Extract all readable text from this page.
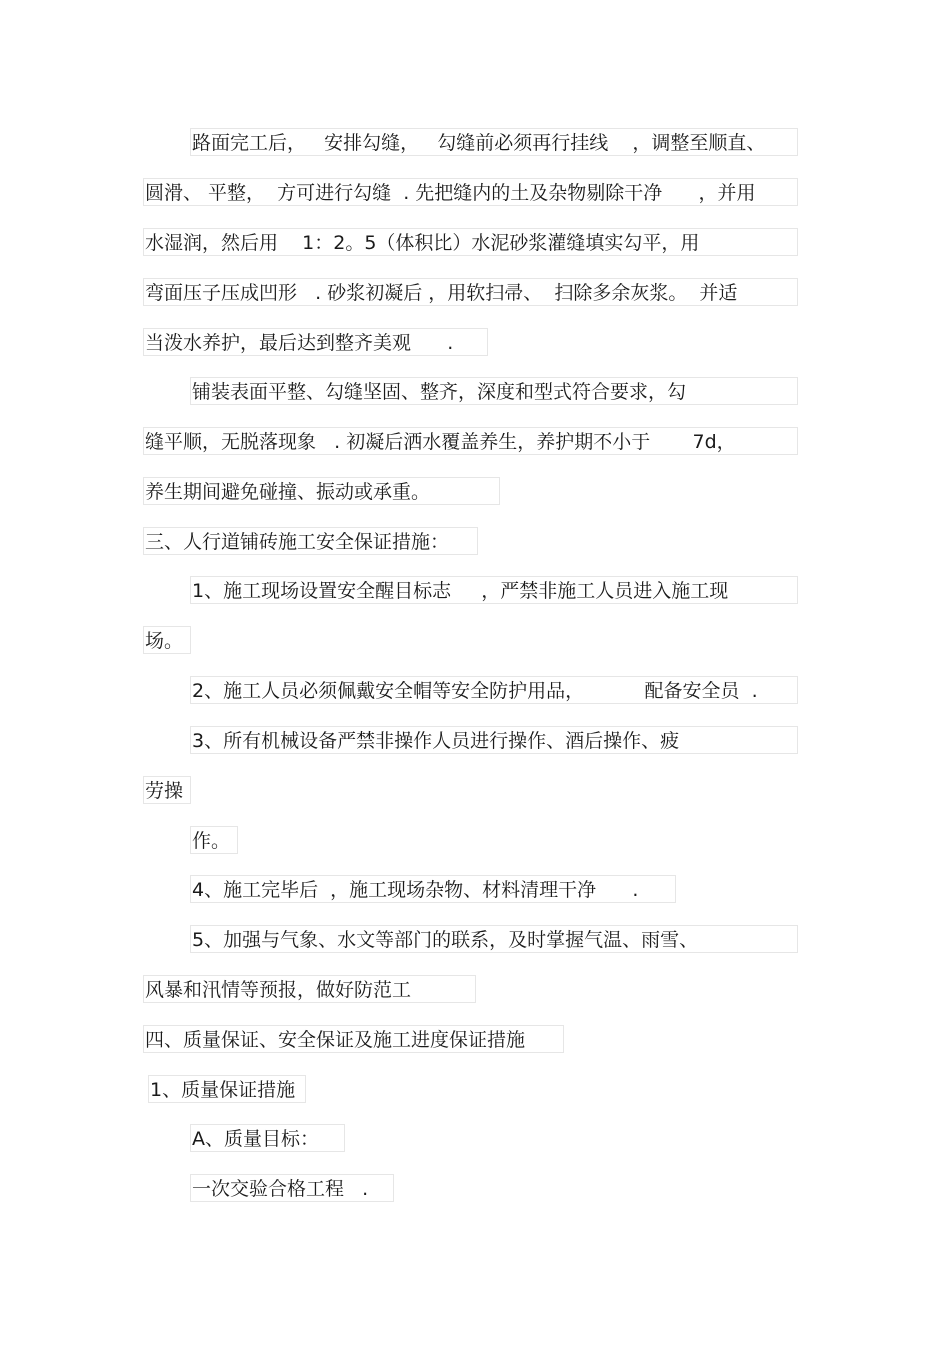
路面完工后，   安排勾缝，   勾缝前必须再行挂线    ，调整至顺直、
圆滑、 平整，  方可进行勾缝  . 先把缝内的土及杂物剔除干净      ，并用
水湿润，然后用    1：2。5（体积比）水泥砂浆灌缝填实勾平，用
弯面压子压成凹形   . 砂浆初凝后 ，用软扫帚、  扫除多余灰浆。  并适
当泼水养护，最后达到整齐美观      .
铺装表面平整、勾缝坚固、整齐，深度和型式符合要求，勾
缝平顺，无脱落现象   . 初凝后洒水覆盖养生，养护期不小于       7d，
养生期间避免碰撞、振动或承重。
三、人行道铺砖施工安全保证措施：
1、施工现场设置安全醒目标志     ，严禁非施工人员进入施工现
场。
2、施工人员必须佩戴安全帽等安全防护用品，          配备安全员  .
3、所有机械设备严禁非操作人员进行操作、酒后操作、疲
劳操
作。
4、施工完毕后  ，施工现场杂物、材料清理干净      .
5、加强与气象、水文等部门的联系，及时掌握气温、雨雪、
风暴和汛情等预报，做好防范工
四、质量保证、安全保证及施工进度保证措施
1、质量保证措施
A、质量目标：
一次交验合格工程   .
